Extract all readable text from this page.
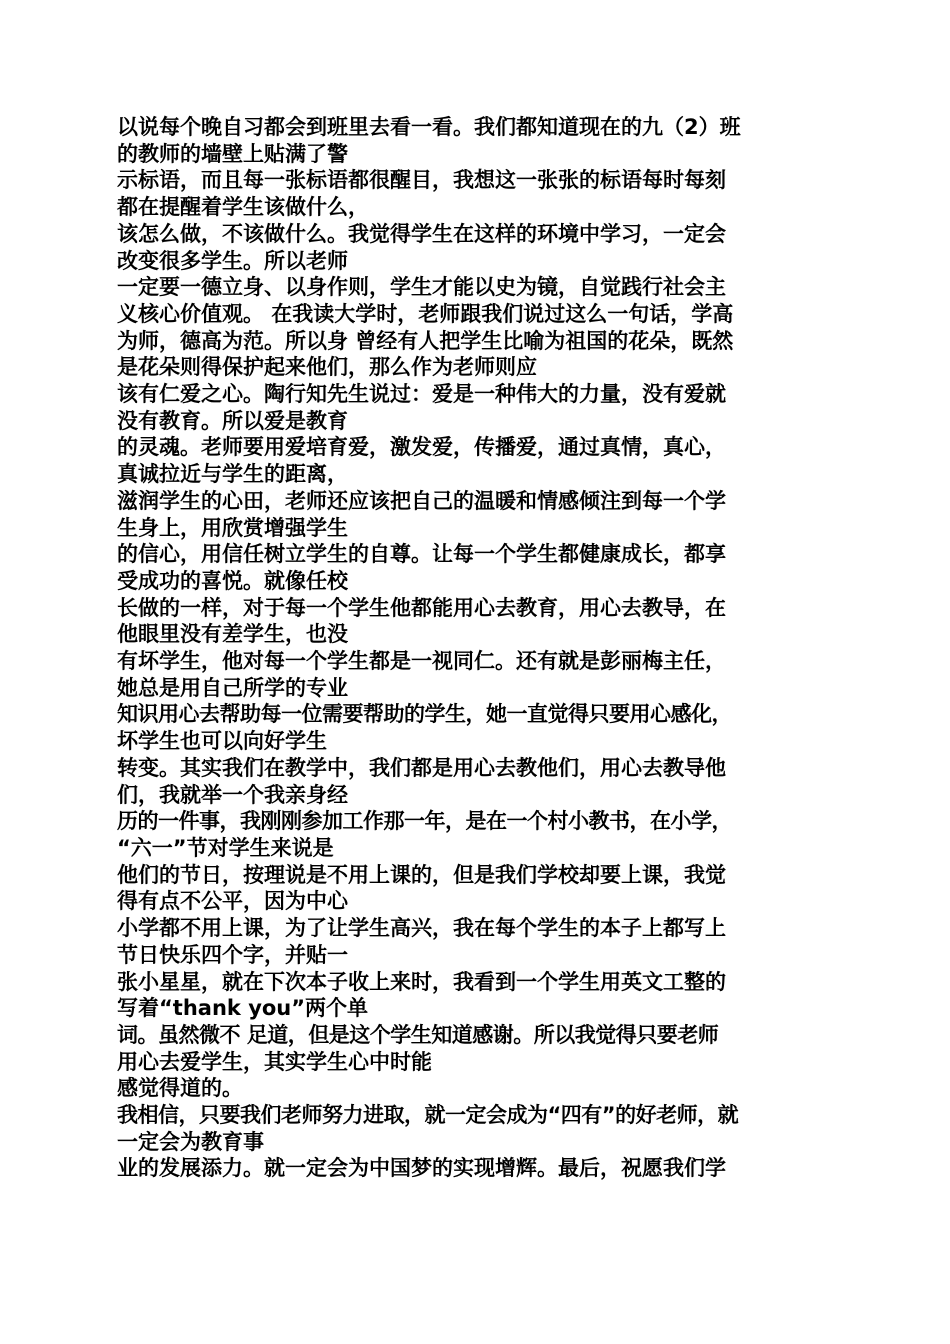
以说每个晚自习都会到班里去看一看。我们都知道现在的九（2）班
的教师的墙壁上贴满了警
示标语，而且每一张标语都很醒目，我想这一张张的标语每时每刻
都在提醒着学生该做什么，
该怎么做，不该做什么。我觉得学生在这样的环境中学习，一定会
改变很多学生。所以老师
一定要一德立身、以身作则，学生才能以史为镜，自觉践行社会主
义核心价值观。 在我读大学时，老师跟我们说过这么一句话，学高
为师，德高为范。所以身 曾经有人把学生比喻为祖国的花朵，既然
是花朵则得保护起来他们，那么作为老师则应
该有仁爱之心。陶行知先生说过：爱是一种伟大的力量，没有爱就
没有教育。所以爱是教育
的灵魂。老师要用爱培育爱，激发爱，传播爱，通过真情，真心，
真诚拉近与学生的距离，
滋润学生的心田，老师还应该把自己的温暖和情感倾注到每一个学
生身上，用欣赏增强学生
的信心，用信任树立学生的自尊。让每一个学生都健康成长，都享
受成功的喜悦。就像任校
长做的一样，对于每一个学生他都能用心去教育，用心去教导，在
他眼里没有差学生，也没
有坏学生，他对每一个学生都是一视同仁。还有就是彭丽梅主任，
她总是用自己所学的专业
知识用心去帮助每一位需要帮助的学生，她一直觉得只要用心感化，
坏学生也可以向好学生
转变。其实我们在教学中，我们都是用心去教他们，用心去教导他
们，我就举一个我亲身经
历的一件事，我刚刚参加工作那一年，是在一个村小教书，在小学，
“六一”节对学生来说是
他们的节日，按理说是不用上课的，但是我们学校却要上课，我觉
得有点不公平，因为中心
小学都不用上课，为了让学生高兴，我在每个学生的本子上都写上
节日快乐四个字，并贴一
张小星星，就在下次本子收上来时，我看到一个学生用英文工整的
写着“thank you”两个单
词。虽然微不 足道，但是这个学生知道感谢。所以我觉得只要老师
用心去爱学生，其实学生心中时能
感觉得道的。
我相信，只要我们老师努力进取，就一定会成为“四有”的好老师，就
一定会为教育事
业的发展添力。就一定会为中国梦的实现增辉。最后，祝愿我们学
